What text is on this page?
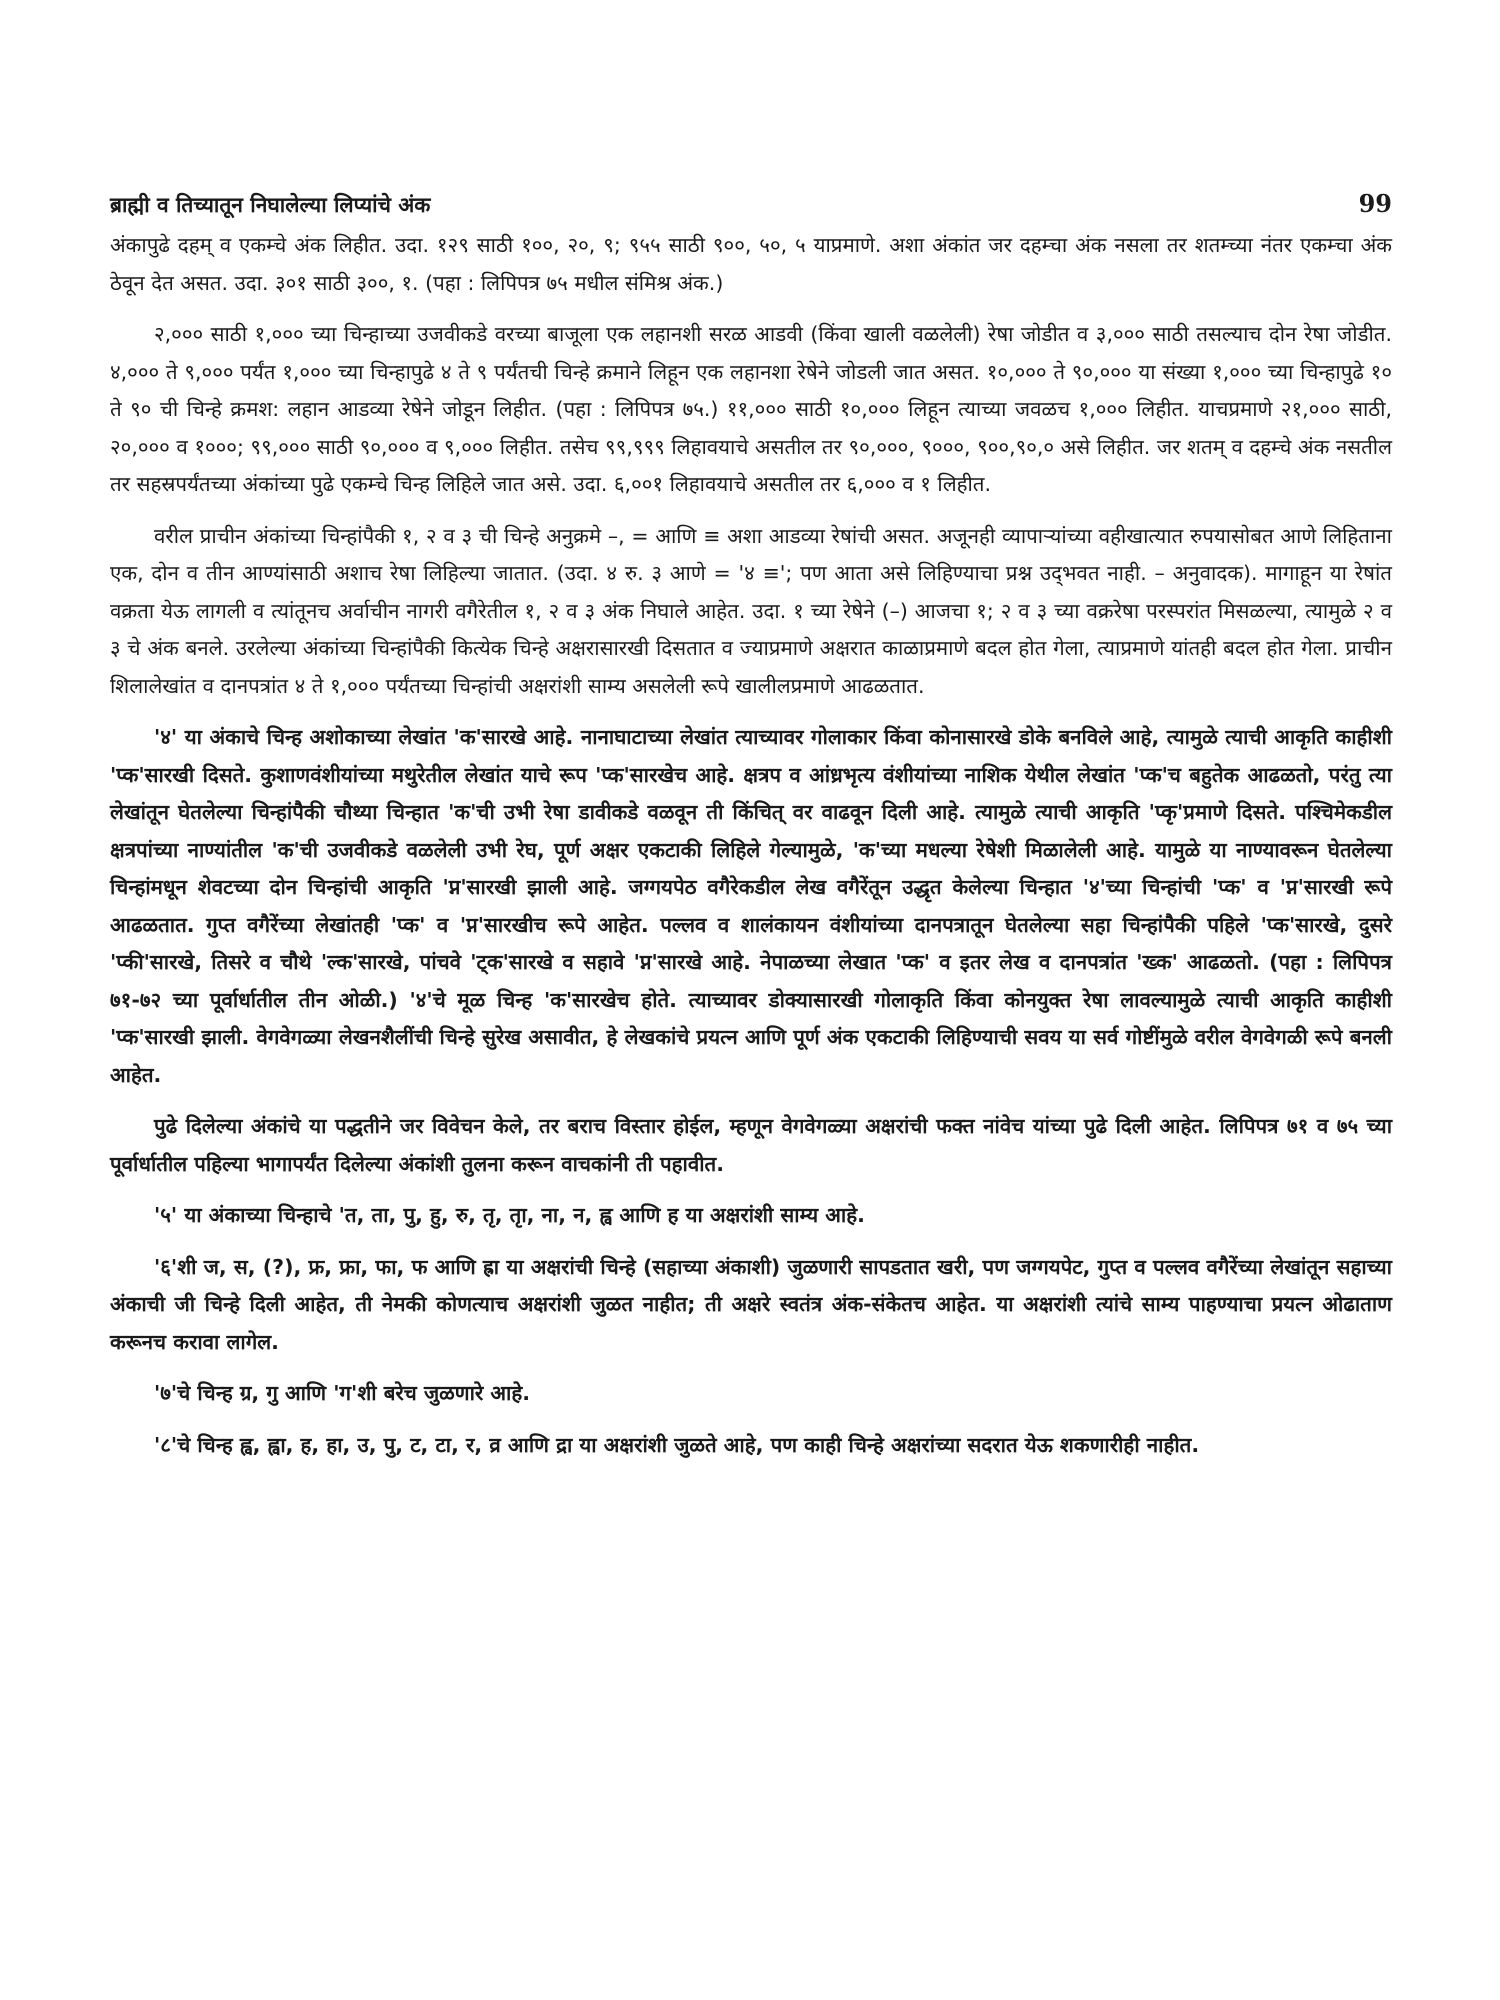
ब्राह्मी व तिच्यातून निघालेल्या लिप्यांचे अंक	99

अंकापुढे दहम् व एकम्चे अंक लिहीत. उदा. १२९ साठी १००, २०, ९; ९५५ साठी ९००, ५०, ५ याप्रमाणे. अशा अंकांत जर दहम्चा अंक नसला तर शतम्च्या नंतर एकम्चा अंक ठेवून देत असत. उदा. ३०१ साठी ३००, १. (पहा : लिपिपत्र ७५ मधील संमिश्र अंक.)

२,००० साठी १,००० च्या चिन्हाच्या उजवीकडे वरच्या बाजूला एक लहानशी सरळ आडवी (किंवा खाली वळलेली) रेषा जोडीत व ३,००० साठी तसल्याच दोन रेषा जोडीत. ४,००० ते ९,००० पर्यंत १,००० च्या चिन्हापुढे ४ ते ९ पर्यंतची चिन्हे क्रमाने लिहून एक लहानशा रेषेने जोडली जात असत. १०,००० ते ९०,००० या संख्या १,००० च्या चिन्हापुढे १० ते ९० ची चिन्हे क्रमश: लहान आडव्या रेषेने जोडून लिहीत. (पहा : लिपिपत्र ७५.) ११,००० साठी १०,००० लिहून त्याच्या जवळच १,००० लिहीत. याचप्रमाणे २१,००० साठी, २०,००० व १०००; ९९,००० साठी ९०,००० व ९,००० लिहीत. तसेच ९९,९९९ लिहावयाचे असतील तर ९०,०००, ९०००, ९००,९०,० असे लिहीत. जर शतम् व दहम्चे अंक नसतील तर सहस्रपर्यंतच्या अंकांच्या पुढे एकम्चे चिन्ह लिहिले जात असे. उदा. ६,००१ लिहावयाचे असतील तर ६,००० व १ लिहीत.

वरील प्राचीन अंकांच्या चिन्हांपैकी १, २ व ३ ची चिन्हे अनुक्रमे –, = आणि ≡ अशा आडव्या रेषांची असत. अजूनही व्यापाऱ्यांच्या वहीखात्यात रुपयासोबत आणे लिहिताना एक, दोन व तीन आण्यांसाठी अशाच रेषा लिहिल्या जातात. (उदा. ४ रु. ३ आणे = '४ ≡'; पण आता असे लिहिण्याचा प्रश्न उद्‌भवत नाही. – अनुवादक). मागाहून या रेषांत वक्रता येऊ लागली व त्यांतूनच अर्वाचीन नागरी वगैरेतील १, २ व ३ अंक निघाले आहेत. उदा. १ च्या रेषेने (–) आजचा १; २ व ३ च्या वक्ररेषा परस्परांत मिसळल्या, त्यामुळे २ व ३ चे अंक बनले. उरलेल्या अंकांच्या चिन्हांपैकी कित्येक चिन्हे अक्षरासारखी दिसतात व ज्याप्रमाणे अक्षरात काळाप्रमाणे बदल होत गेला, त्याप्रमाणे यांतही बदल होत गेला. प्राचीन शिलालेखांत व दानपत्रांत ४ ते १,००० पर्यंतच्या चिन्हांची अक्षरांशी साम्य असलेली रूपे खालीलप्रमाणे आढळतात.

'४' या अंकाचे चिन्ह अशोकाच्या लेखांत 'क'सारखे आहे. नानाघाटाच्या लेखांत त्याच्यावर गोलाकार किंवा कोनासारखे डोके बनविले आहे, त्यामुळे त्याची आकृति काहीशी 'प्क'सारखी दिसते. कुशाणवंशीयांच्या मथुरेतील लेखांत याचे रूप 'प्क'सारखेच आहे. क्षत्रप व आंध्रभृत्य वंशीयांच्या नाशिक येथील लेखांत 'प्क'च बहुतेक आढळतो, परंतु त्या लेखांतून घेतलेल्या चिन्हांपैकी चौथ्या चिन्हात 'क'ची उभी रेषा डावीकडे वळवून ती किंचित् वर वाढवून दिली आहे. त्यामुळे त्याची आकृति 'प्कृ'प्रमाणे दिसते. पश्चिमेकडील क्षत्रपांच्या नाण्यांतील 'क'ची उजवीकडे वळलेली उभी रेघ, पूर्ण अक्षर एकटाकी लिहिले गेल्यामुळे, 'क'च्या मधल्या रेषेशी मिळालेली आहे. यामुळे या नाण्यावरून घेतलेल्या चिन्हांमधून शेवटच्या दोन चिन्हांची आकृति 'प्न'सारखी झाली आहे. जग्गयपेठ वगैरेकडील लेख वगैरेंतून उद्धृत केलेल्या चिन्हात '४'च्या चिन्हांची 'प्क' व 'प्न'सारखी रूपे आढळतात. गुप्त वगैरेंच्या लेखांतही 'प्क' व 'प्न'सारखीच रूपे आहेत. पल्लव व शालंकायन वंशीयांच्या दानपत्रातून घेतलेल्या सहा चिन्हांपैकी पहिले 'प्क'सारखे, दुसरे 'प्की'सारखे, तिसरे व चौथे 'ल्क'सारखे, पांचवे 'ट्क'सारखे व सहावे 'प्न'सारखे आहे. नेपाळच्या लेखात 'प्क' व इतर लेख व दानपत्रांत 'ख्क' आढळतो. (पहा : लिपिपत्र ७१-७२ च्या पूर्वार्धातील तीन ओळी.) '४'चे मूळ चिन्ह 'क'सारखेच होते. त्याच्यावर डोक्यासारखी गोलाकृति किंवा कोनयुक्त रेषा लावल्यामुळे त्याची आकृति काहीशी 'प्क'सारखी झाली. वेगवेगळ्या लेखनशैलींची चिन्हे सुरेख असावीत, हे लेखकांचे प्रयत्न आणि पूर्ण अंक एकटाकी लिहिण्याची सवय या सर्व गोष्टींमुळे वरील वेगवेगळी रूपे बनली आहेत.

पुढे दिलेल्या अंकांचे या पद्धतीने जर विवेचन केले, तर बराच विस्तार होईल, म्हणून वेगवेगळ्या अक्षरांची फक्त नांवेच यांच्या पुढे दिली आहेत. लिपिपत्र ७१ व ७५ च्या पूर्वार्धातील पहिल्या भागापर्यंत दिलेल्या अंकांशी तुलना करून वाचकांनी ती पहावीत.

'५' या अंकाच्या चिन्हाचे 'त, ता, पु, हु, रु, तृ, तृा, ना, न, ह्व आणि ह या अक्षरांशी साम्य आहे.

'६'शी ज, स, (?), फ्र, फ्रा, फा, फ आणि ह्रा या अक्षरांची चिन्हे (सहाच्या अंकाशी) जुळणारी सापडतात खरी, पण जग्गयपेट, गुप्त व पल्लव वगैरेंच्या लेखांतून सहाच्या अंकाची जी चिन्हे दिली आहेत, ती नेमकी कोणत्याच अक्षरांशी जुळत नाहीत; ती अक्षरे स्वतंत्र अंक-संकेतच आहेत. या अक्षरांशी त्यांचे साम्य पाहण्याचा प्रयत्न ओढाताण करूनच करावा लागेल.

'७'चे चिन्ह ग्र, गु आणि 'ग'शी बरेच जुळणारे आहे.

'८'चे चिन्ह ह्व, ह्वा, ह, हा, उ, पु, ट, टा, र, व्र आणि द्रा या अक्षरांशी जुळते आहे, पण काही चिन्हे अक्षरांच्या सदरात येऊ शकणारीही नाहीत.
